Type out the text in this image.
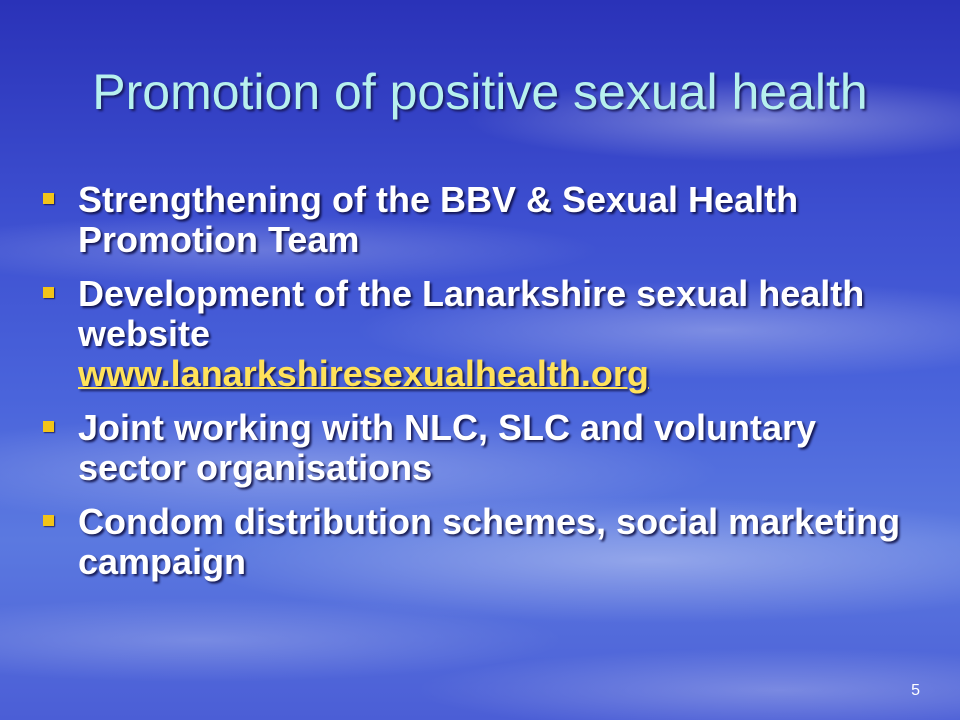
Promotion of positive sexual health
Strengthening of the BBV & Sexual Health Promotion Team
Development of the Lanarkshire sexual health website
www.lanarkshiresexualhealth.org
Joint working with NLC, SLC and voluntary sector organisations
Condom distribution schemes, social marketing campaign
5
